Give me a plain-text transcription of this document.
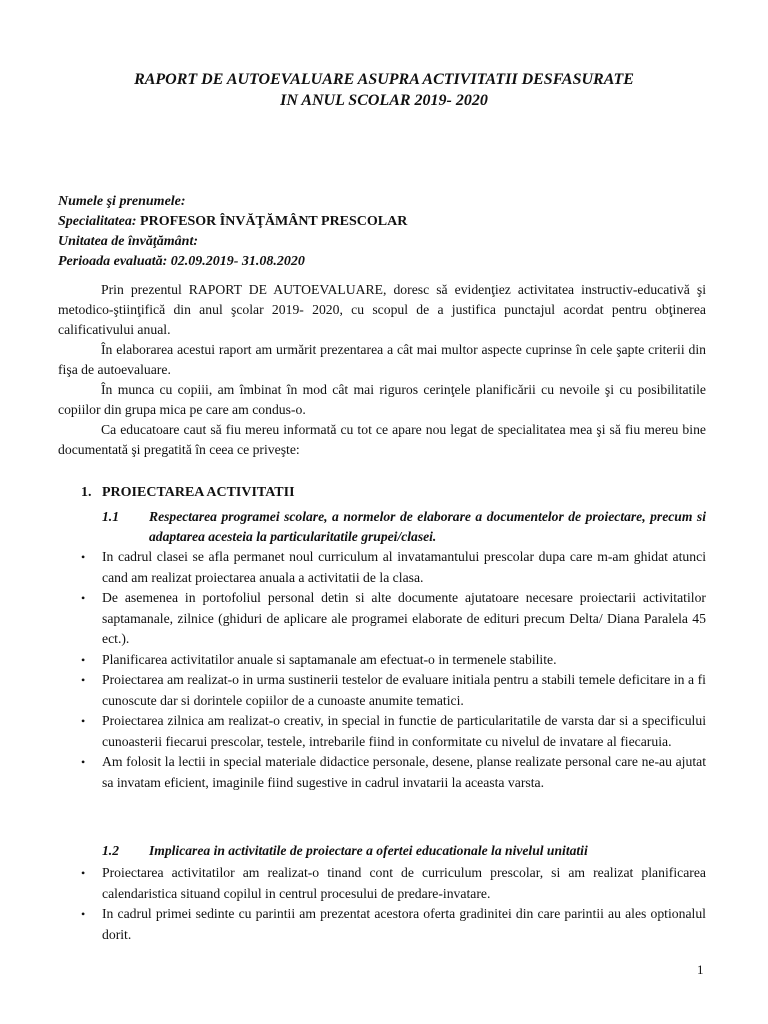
RAPORT DE AUTOEVALUARE ASUPRA ACTIVITATII DESFASURATE
IN ANUL SCOLAR 2019- 2020
Numele şi prenumele:
Specialitatea: PROFESOR ÎNVĂŢĂMÂNT PRESCOLAR
Unitatea de învăţământ:
Perioada evaluată: 02.09.2019- 31.08.2020

Prin prezentul RAPORT DE AUTOEVALUARE, doresc să evidenţiez activitatea instructiv-educativă şi metodico-ştiinţifică din anul şcolar 2019- 2020, cu scopul de a justifica punctajul acordat pentru obţinerea calificativului anual.

În elaborarea acestui raport am urmărit prezentarea a cât mai multor aspecte cuprinse în cele şapte criterii din fişa de autoevaluare.

În munca cu copiii, am îmbinat în mod cât mai riguros cerinţele planificării cu nevoile şi cu posibilitatile copiilor din grupa mica pe care am condus-o.

Ca educatoare caut să fiu mereu informată cu tot ce apare nou legat de specialitatea mea şi să fiu mereu bine documentată şi pregatită în ceea ce priveşte:

1. PROIECTAREA ACTIVITATII
1.1 Respectarea programei scolare, a normelor de elaborare a documentelor de proiectare, precum si adaptarea acesteia la particularitatile grupei/clasei.
• In cadrul clasei se afla permanet noul curriculum al invatamantului prescolar dupa care m-am ghidat atunci cand am realizat proiectarea anuala a activitatii de la clasa.
• De asemenea in portofoliul personal detin si alte documente ajutatoare necesare proiectarii activitatilor saptamanale, zilnice (ghiduri de aplicare ale programei elaborate de edituri precum Delta/ Diana Paralela 45 ect.).
• Planificarea activitatilor anuale si saptamanale am efectuat-o in termenele stabilite.
• Proiectarea am realizat-o in urma sustinerii testelor de evaluare initiala pentru a stabili temele deficitare in a fi cunoscute dar si dorintele copiilor de a cunoaste anumite tematici.
• Proiectarea zilnica am realizat-o creativ, in special in functie de particularitatile de varsta dar si a specificului cunoasterii fiecarui prescolar, testele, intrebarile fiind in conformitate cu nivelul de invatare al fiecaruia.
• Am folosit la lectii in special materiale didactice personale, desene, planse realizate personal care ne-au ajutat sa invatam eficient, imaginile fiind sugestive in cadrul invatarii la aceasta varsta.
1.2 Implicarea in activitatile de proiectare a ofertei educationale la nivelul unitatii
• Proiectarea activitatilor am realizat-o tinand cont de curriculum prescolar, si am realizat planificarea calendaristica situand copilul in centrul procesului de predare-invatare.
• In cadrul primei sedinte cu parintii am prezentat acestora oferta gradinitei din care parintii au ales optionalul dorit.
1
